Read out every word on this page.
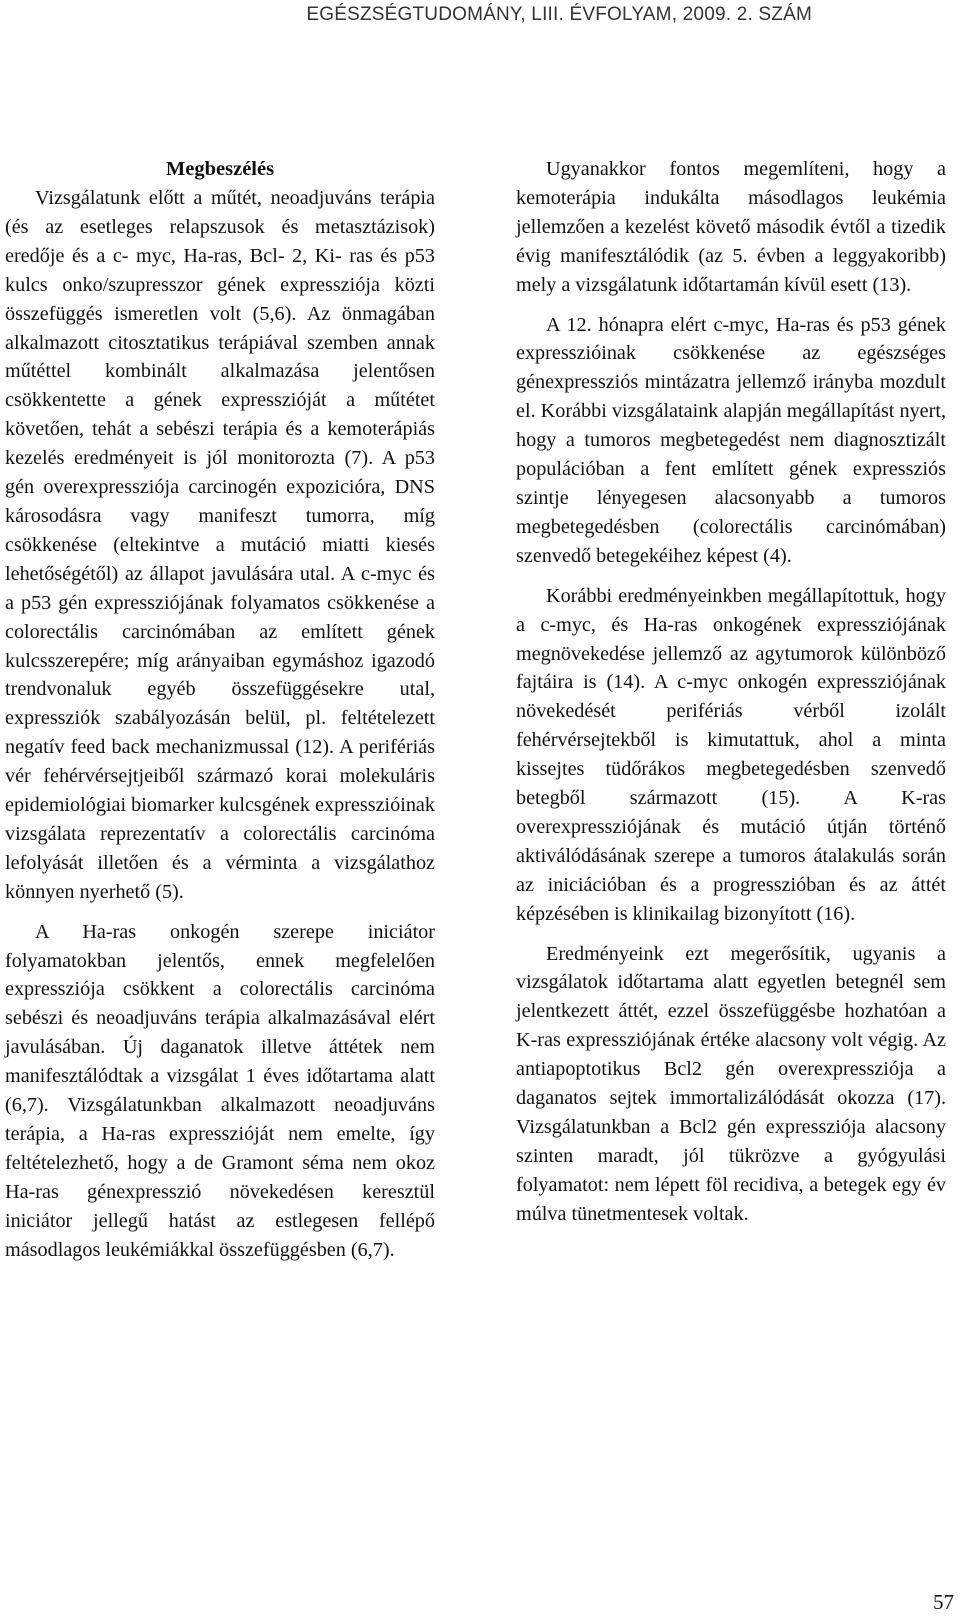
EGÉSZSÉGTUDOMÁNY, LIII. ÉVFOLYAM, 2009. 2. SZÁM
Megbeszélés

Vizsgálatunk előtt a műtét, neoadjuváns terápia (és az esetleges relapszusok és metasztázisok) eredője és a c- myc, Ha-ras, Bcl- 2, Ki- ras és p53 kulcs onko/szupresszor gének expressziója közti összefüggés ismeretlen volt (5,6). Az önmagában alkalmazott citosztatikus terápiával szemben annak műtéttel kombinált alkalmazása jelentősen csökkentette a gének expresszióját a műtétet követően, tehát a sebészi terápia és a kemoterápiás kezelés eredményeit is jól monitorozta (7). A p53 gén overexpressziója carcinogén expozicióra, DNS károsodásra vagy manifeszt tumorra, míg csökkenése (eltekintve a mutáció miatti kiesés lehetőségétől) az állapot javulására utal. A c-myc és a p53 gén expressziójának folyamatos csökkenése a colorectális carcinómában az említett gének kulcsszerepére; míg arányaiban egymáshoz igazodó trendvonaluk egyéb összefüggésekre utal, expressziók szabályozásán belül, pl. feltételezett negatív feed back mechanizmussal (12). A perifériás vér fehérvérsejtjeiből származó korai molekuláris epidemiológiai biomarker kulcsgének expresszióinak vizsgálata reprezentatív a colorectális carcinóma lefolyását illetően és a vérminta a vizsgálathoz könnyen nyerhető (5).

A Ha-ras onkogén szerepe iniciátor folyamatokban jelentős, ennek megfelelően expressziója csökkent a colorectális carcinóma sebészi és neoadjuváns terápia alkalmazásával elért javulásában. Új daganatok illetve áttétek nem manifesztálódtak a vizsgálat 1 éves időtartama alatt (6,7). Vizsgálatunkban alkalmazott neoadjuváns terápia, a Ha-ras expresszióját nem emelte, így feltételezhető, hogy a de Gramont séma nem okoz Ha-ras génexpresszió növekedésen keresztül iniciátor jellegű hatást az estlegesen fellépő másodlagos leukémiákkal összefüggésben (6,7).

Ugyanakkor fontos megemlíteni, hogy a kemoterápia indukálta másodlagos leukémia jellemzően a kezelést követő második évtől a tizedik évig manifesztálódik (az 5. évben a leggyakoribb) mely a vizsgálatunk időtartamán kívül esett (13).

A 12. hónapra elért c-myc, Ha-ras és p53 gének expresszióinak csökkenése az egészséges génexpressziós mintázatra jellemző irányba mozdult el. Korábbi vizsgálataink alapján megállapítást nyert, hogy a tumoros megbetegedést nem diagnosztizált populációban a fent említett gének expressziós szintje lényegesen alacsonyabb a tumoros megbetegedésben (colorectális carcinómában) szenvedő betegekéihez képest (4).

Korábbi eredményeinkben megállapítottuk, hogy a c-myc, és Ha-ras onkogének expressziójának megnövekedése jellemző az agytumorok különböző fajtáira is (14). A c-myc onkogén expressziójának növekedését perifériás vérből izolált fehérvérsejtekből is kimutattuk, ahol a minta kissejtes tüdőrákos megbetegedésben szenvedő betegből származott (15). A K-ras overexpressziójának és mutáció útján történő aktiválódásának szerepe a tumoros átalakulás során az iniciációban és a progresszióban és az áttét képzésében is klinikailag bizonyított (16).

Eredményeink ezt megerősítik, ugyanis a vizsgálatok időtartama alatt egyetlen betegnél sem jelentkezett áttét, ezzel összefüggésbe hozhatóan a K-ras expressziójának értéke alacsony volt végig. Az antiapoptotikus Bcl2 gén overexpressziója a daganatos sejtek immortalizálódását okozza (17). Vizsgálatunkban a Bcl2 gén expressziója alacsony szinten maradt, jól tükrözve a gyógyulási folyamatot: nem lépett föl recidiva, a betegek egy év múlva tünetmentesek voltak.

57
